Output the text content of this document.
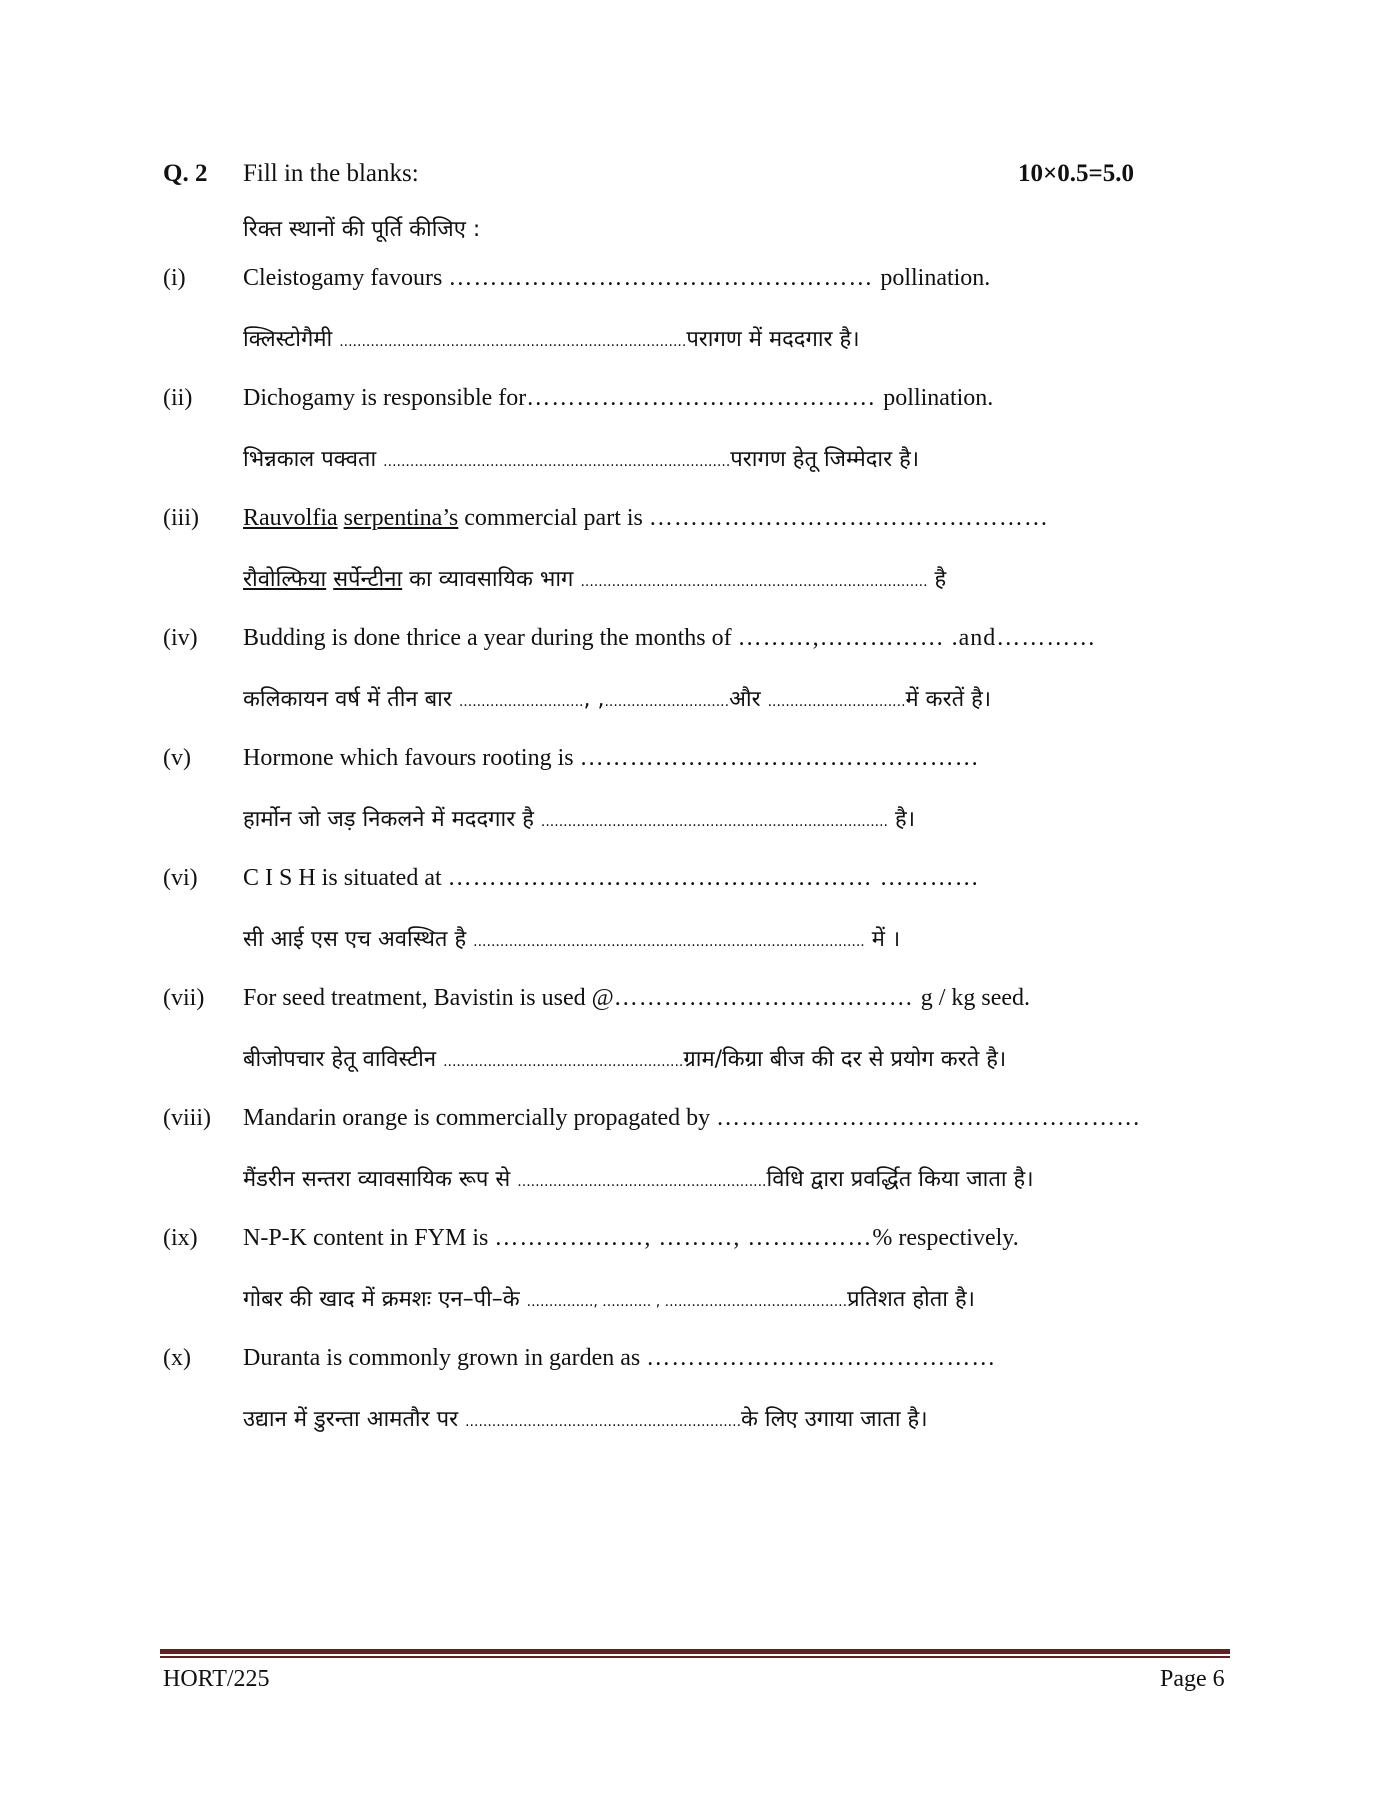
Q. 2 Fill in the blanks:	10×0.5=5.0
रिक्त स्थानों की पूर्ति कीजिए :
(i) Cleistogamy favours …………………………………………… pollination.
क्लिस्टोगैमी ..............................................................................परागण में मददगार है।
(ii) Dichogamy is responsible for…………………………………… pollination.
भिन्नकाल पक्वता ..............................................................................परागण हेतू जिम्मेदार है।
(iii) Rauvolfia serpentina’s commercial part is …………………………………………
रौवोल्फिया सर्पेन्टीना का व्यावसायिक भाग .............................................................................. है
(iv) Budding is done thrice a year during the months of ………,…………… .and…………
कलिकायन वर्ष में तीन बार ............................, ,............................और ...............................में करतें है।
(v) Hormone which favours rooting is …………………………………………
हार्मोन जो जड़ निकलने में मददगार है .............................................................................. है।
(vi) C I S H is situated at …………………………………………… …………
सी आई एस एच अवस्थित है ........................................................................................ में ।
(vii) For seed treatment, Bavistin is used @……………………………… g / kg seed.
बीजोपचार हेतू वाविस्टीन ......................................................ग्राम/किग्रा बीज की दर से प्रयोग करते है।
(viii) Mandarin orange is commercially propagated by ……………………………………………
मैंडरीन सन्तरा व्यावसायिक रूप से ........................................................विधि द्वारा प्रवर्द्धित किया जाता है।
(ix) N-P-K content in FYM is ………………, ………, ……………% respectively.
गोबर की खाद में क्रमशः एन–पी–के ..............., ........... , .........................................प्रतिशत होता है।
(x) Duranta is commonly grown in garden as ……………………………………
उद्यान में डुरन्ता आमतौर पर ..............................................................के लिए उगाया जाता है।
HORT/225	Page 6
